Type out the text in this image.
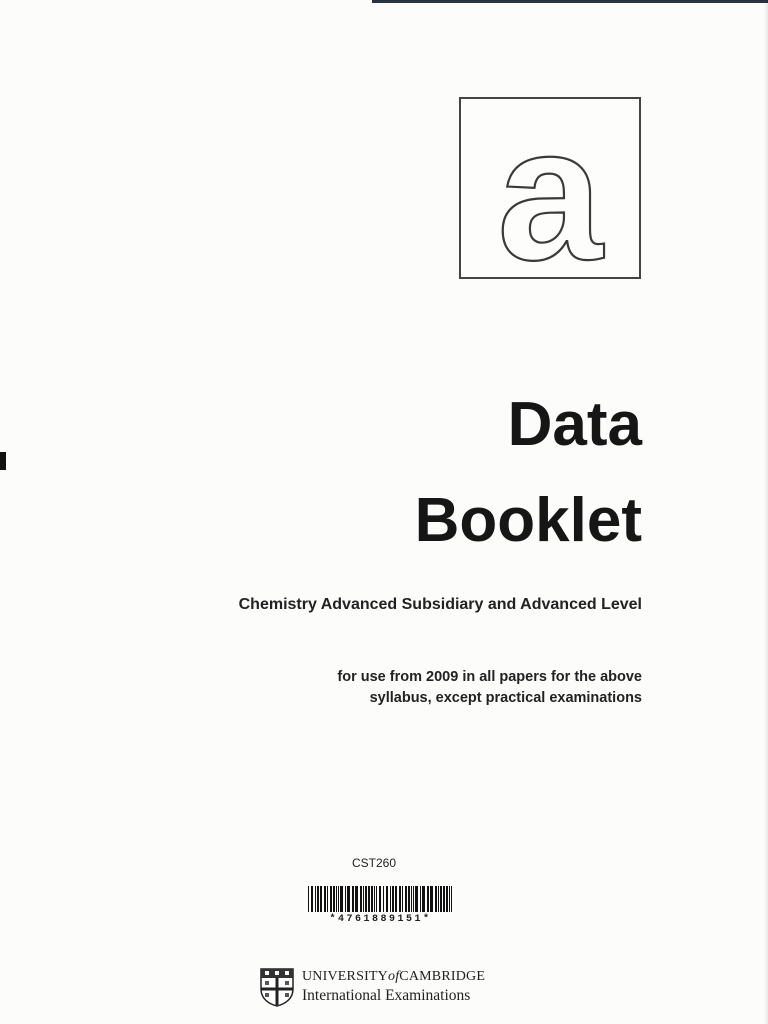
a
Data
Booklet
Chemistry Advanced Subsidiary and Advanced Level
for use from 2009 in all papers for the above
syllabus, except practical examinations
CST260
*4761889151*
UNIVERSITYofCAMBRIDGE
International Examinations
